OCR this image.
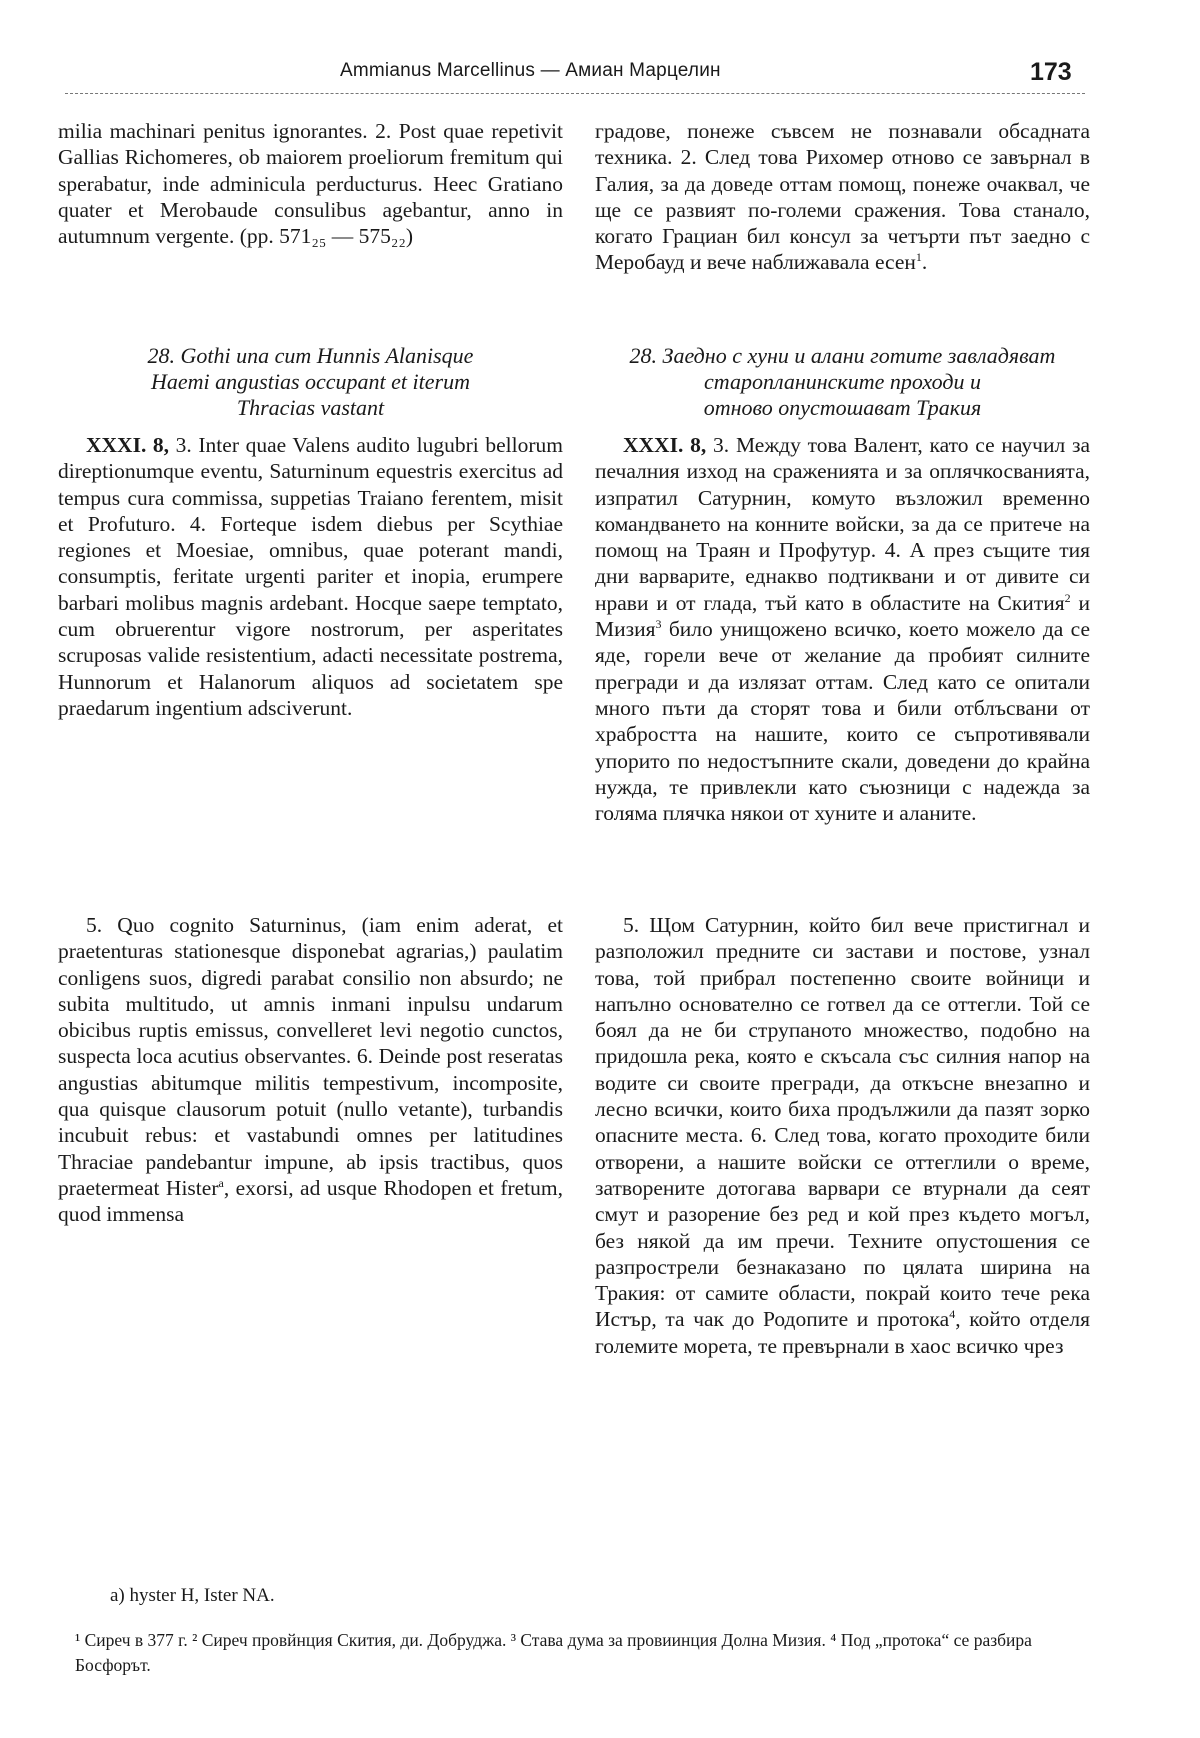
Ammianus Marcellinus — Амиан Марцелин	173

milia machinari penitus ignorantes. 2. Post quae repetivit Gallias Richomeres, ob maiorem proeliorum fremitum qui sperabatur, inde adminicula perducturus. Heec Gratiano quater et Merobaude consulibus agebantur, anno in autumnum vergente. (pp. 571₂₅ — 575₂₂)

28. Gothi una cum Hunnis Alanisque
Haemi angustias occupant et iterum
Thracias vastant

XXXI. 8, 3. Inter quae Valens audito lugubri bellorum direptionumque eventu, Saturninum equestris exercitus ad tempus cura commissa, suppetias Traiano ferentem, misit et Profuturo. 4. Forteque isdem diebus per Scythiae regiones et Moesiae, omnibus, quae poterant mandi, consumptis, feritate urgenti pariter et inopia, erumpere barbari molibus magnis ardebant. Hocque saepe temptato, cum obruerentur vigore nostrorum, per asperitates scruposas valide resistentium, adacti necessitate postrema, Hunnorum et Halanorum aliquos ad societatem spe praedarum ingentium adsciverunt.

5. Quo cognito Saturninus, (iam enim aderat, et praetenturas stationesque disponebat agrarias,) paulatim conligens suos, digredi parabat consilio non absurdo; ne subita multitudo, ut amnis inmani inpulsu undarum obicibus ruptis emissus, convelleret levi negotio cunctos, suspecta loca acutius observantes. 6. Deinde post reseratas angustias abitumque militis tempestivum, incomposite, qua quisque clausorum potuit (nullo vetante), turbandis incubuit rebus: et vastabundi omnes per latitudines Thraciae pandebantur impune, ab ipsis tractibus, quos praetermeat Hister$^a$, exorsi, ad usque Rhodopen et fretum, quod immensa

a) hyster H, Ister NA.

градове, понеже съвсем не познавали обсадната техника. 2. След това Рихомер отново се завърнал в Галия, за да доведе оттам помощ, понеже очаквал, че ще се развият по-големи сражения. Това станало, когато Грациан бил консул за четърти път заедно с Меробауд и вече наближавала есен$^1$.

28. Заедно с хуни и алани готите завладяват старопланинските проходи и
отново опустошават Тракия

XXXI. 8, 3. Между това Валент, като се научил за печалния изход на сраженията и за оплячкосванията, изпратил Сатурнин, комуто възложил временно командването на конните войски, за да се притече на помощ на Траян и Профутур. 4. А през същите тия дни варварите, еднакво подтиквани и от дивите си нрави и от глада, тъй като в областите на Скития$^2$ и Мизия$^3$ било унищожено всичко, което можело да се яде, горели вече от желание да пробият силните прегради и да излязат оттам. След като се опитали много пъти да сторят това и били отблъсвани от храбростта на нашите, които се съпротивявали упорито по недостъпните скали, доведени до крайна нужда, те привлекли като съюзници с надежда за голяма плячка някои от хуните и аланите.

5. Щом Сатурнин, който бил вече пристигнал и разположил предните си застави и постове, узнал това, той прибрал постепенно своите войници и напълно основателно се готвел да се оттегли. Той се боял да не би струпаното множество, подобно на придошла река, която е скъсала със силния напор на водите си своите прегради, да откъсне внезапно и лесно всички, които биха продължили да пазят зорко опасните места. 6. След това, когато проходите били отворени, а нашите войски се оттеглили о времe, затворените дотогава варвари се втурнали да сеят смут и разорение без ред и кой през където могъл, без някой да им пречи. Техните опустошения се разпрострели безнаказано по цялата ширина на Тракия: от самите области, покрай които тече река Истър, та чак до Родопите и протока$^4$, който отделя големите морета, те превърнали в хаос всичко чрез

¹ Сиреч в 377 г. ² Сиреч провйнция Скития, ди. Добруджа. ³ Става дума за провиинция Долна Мизия. ⁴ Под „протока“ се разбира Босфорът.
